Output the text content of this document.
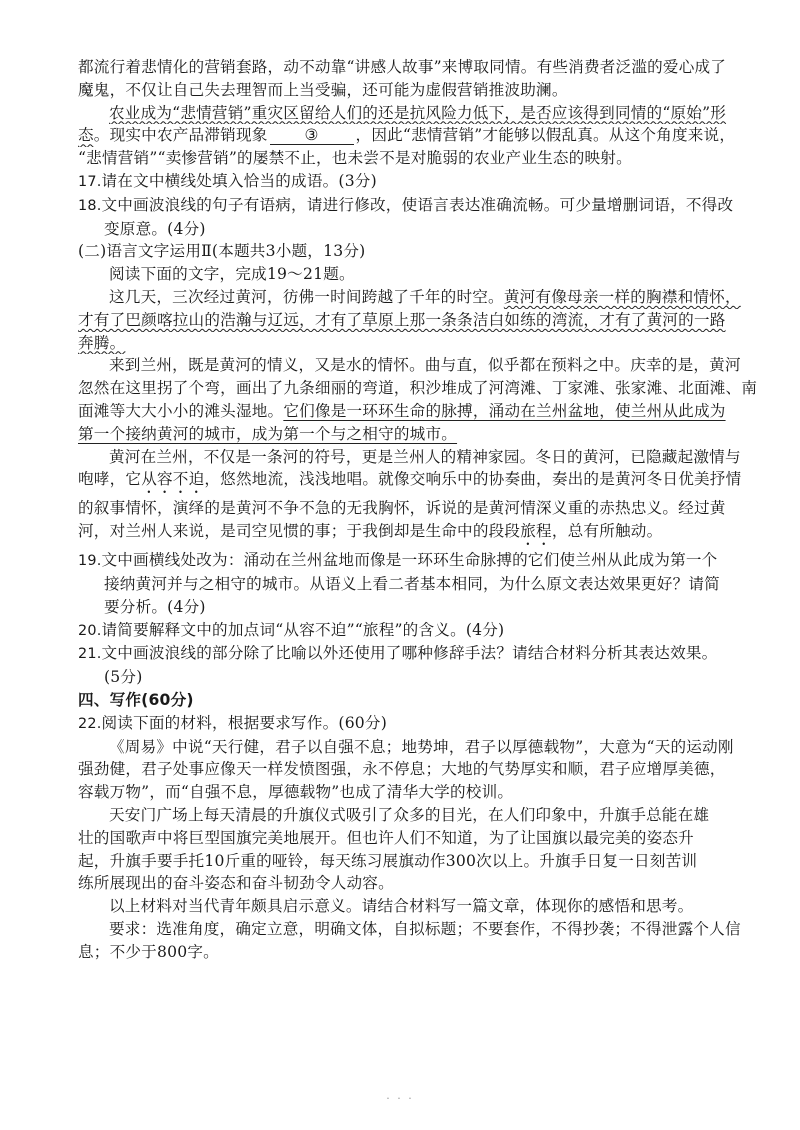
都流行着悲情化的营销套路，动不动靠“讲感人故事”来博取同情。有些消费者泛滥的爱心成了
魔鬼，不仅让自己失去理智而上当受骗，还可能为虚假营销推波助澜。
农业成为“悲情营销”重灾区留给人们的还是抗风险力低下，是否应该得到同情的“原始”形
态。现实中农产品滞销现象 ③ ，因此“悲情营销”才能够以假乱真。从这个角度来说，
“悲情营销”“卖惨营销”的屡禁不止，也未尝不是对脆弱的农业产业生态的映射。
17.请在文中横线处填入恰当的成语。(3分)
18.文中画波浪线的句子有语病，请进行修改，使语言表达准确流畅。可少量增删词语，不得改
变原意。(4分)
(二)语言文字运用Ⅱ(本题共3小题，13分)
阅读下面的文字，完成19～21题。
这几天，三次经过黄河，彷佛一时间跨越了千年的时空。黄河有像母亲一样的胸襟和情怀，
才有了巴颜喀拉山的浩瀚与辽远，才有了草原上那一条条洁白如练的湾流，才有了黄河的一路
奔腾。
来到兰州，既是黄河的情义，又是水的情怀。曲与直，似乎都在预料之中。庆幸的是，黄河
忽然在这里拐了个弯，画出了九条细丽的弯道，积沙堆成了河湾滩、丁家滩、张家滩、北面滩、南
面滩等大大小小的滩头湿地。它们像是一环环生命的脉搏，涌动在兰州盆地，使兰州从此成为
第一个接纳黄河的城市，成为第一个与之相守的城市。
黄河在兰州，不仅是一条河的符号，更是兰州人的精神家园。冬日的黄河，已隐藏起激情与
咆哮，它从容不迫，悠然地流，浅浅地唱。就像交响乐中的协奏曲，奏出的是黄河冬日优美抒情
的叙事情怀，演绎的是黄河不争不急的无我胸怀，诉说的是黄河情深义重的赤热忠义。经过黄
河，对兰州人来说，是司空见惯的事；于我倒却是生命中的段段旅程，总有所触动。
19.文中画横线处改为：涌动在兰州盆地而像是一环环生命脉搏的它们使兰州从此成为第一个
接纳黄河并与之相守的城市。从语义上看二者基本相同，为什么原文表达效果更好？请简
要分析。(4分)
20.请简要解释文中的加点词“从容不迫”“旅程”的含义。(4分)
21.文中画波浪线的部分除了比喻以外还使用了哪种修辞手法？请结合材料分析其表达效果。
(5分)
四、写作(60分)
22.阅读下面的材料，根据要求写作。(60分)
《周易》中说“天行健，君子以自强不息；地势坤，君子以厚德载物”，大意为“天的运动刚
强劲健，君子处事应像天一样发愤图强，永不停息；大地的气势厚实和顺，君子应增厚美德，
容载万物”，而“自强不息，厚德载物”也成了清华大学的校训。
天安门广场上每天清晨的升旗仪式吸引了众多的目光，在人们印象中，升旗手总能在雄
壮的国歌声中将巨型国旗完美地展开。但也许人们不知道，为了让国旗以最完美的姿态升
起，升旗手要手托10斤重的哑铃，每天练习展旗动作300次以上。升旗手日复一日刻苦训
练所展现出的奋斗姿态和奋斗韧劲令人动容。
以上材料对当代青年颇具启示意义。请结合材料写一篇文章，体现你的感悟和思考。
要求：选准角度，确定立意，明确文体，自拟标题；不要套作，不得抄袭；不得泄露个人信
息；不少于800字。
· · ·
